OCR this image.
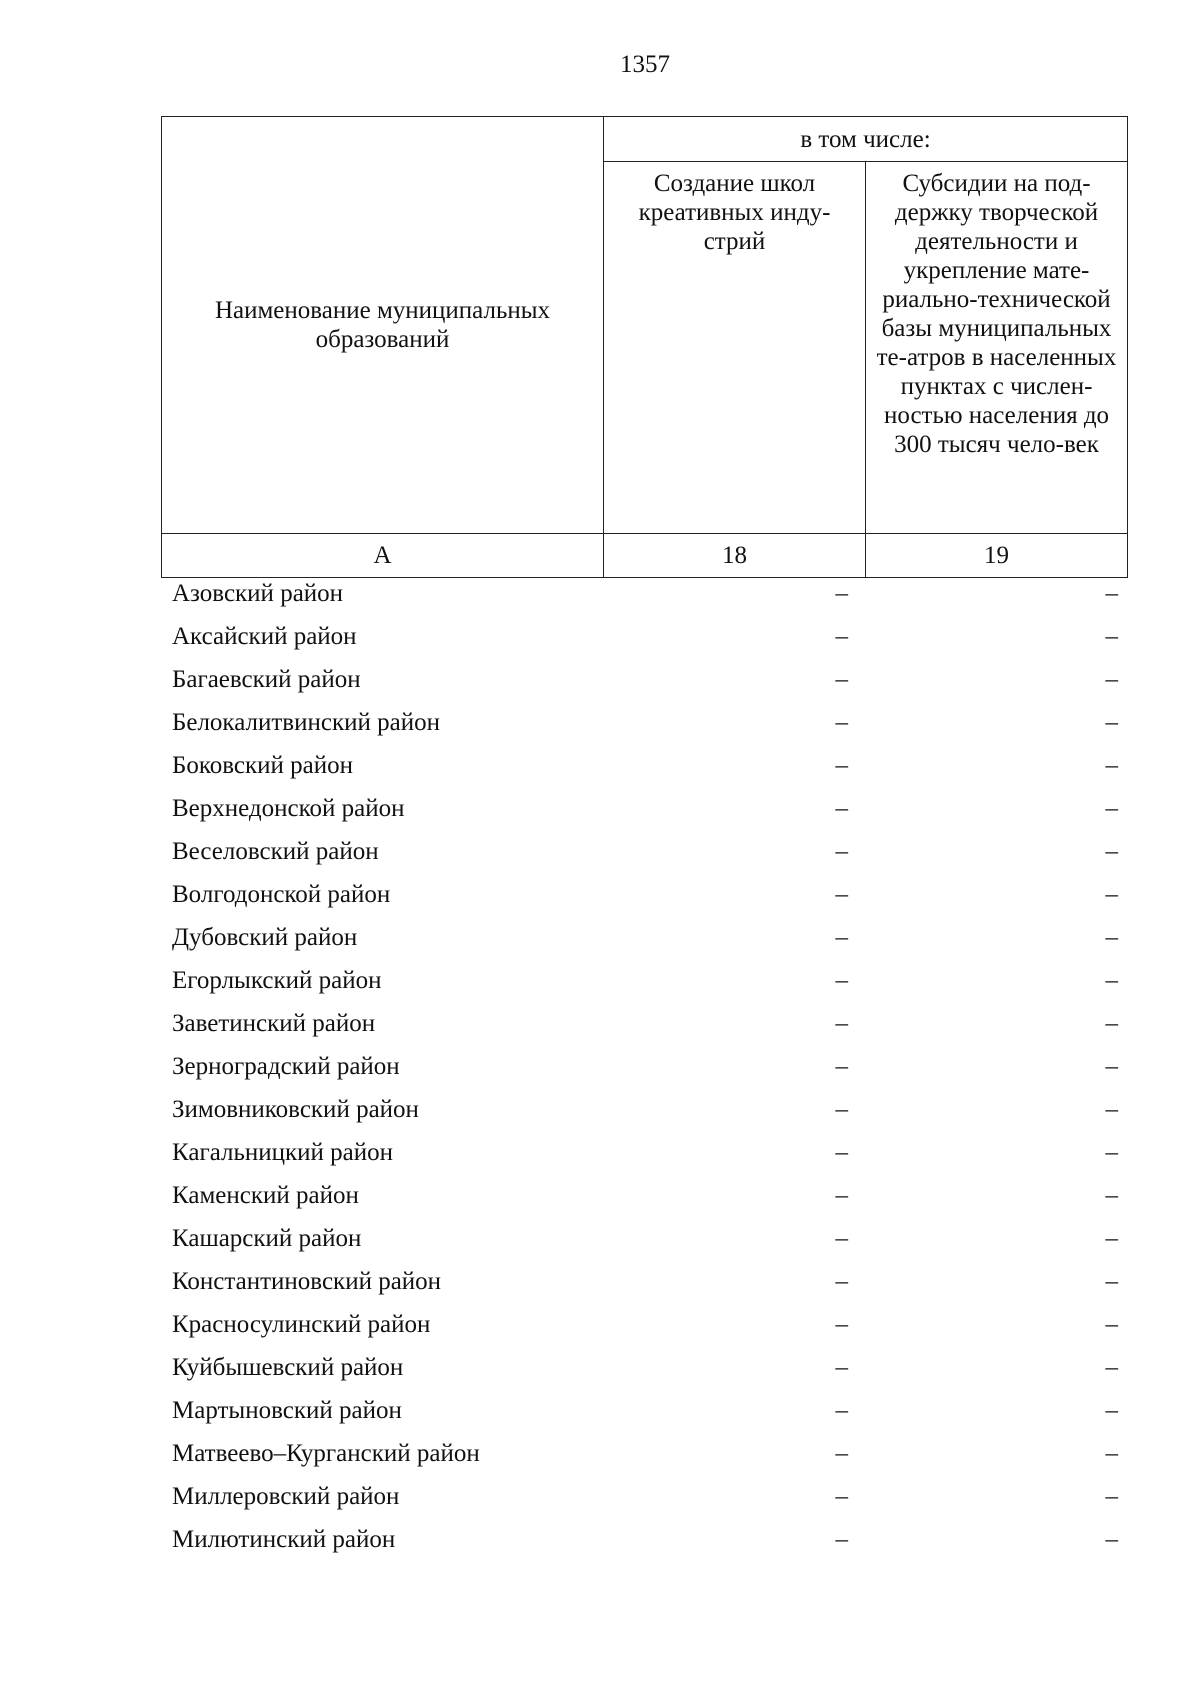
1357
Наименование муниципальных образований	в том числе:	

	Создание школ креативных инду-стрий	Субсидии на под-держку творческой деятельности и укрепление мате-риально-технической базы муниципальных те-атров в населенных пунктах с числен-ностью населения до 300 тысяч чело-век

А	18	19
Азовский район	–	–
Аксайский район	–	–
Багаевский район	–	–
Белокалитвинский район	–	–
Боковский район	–	–
Верхнедонской район	–	–
Веселовский район	–	–
Волгодонской район	–	–
Дубовский район	–	–
Егорлыкский район	–	–
Заветинский район	–	–
Зерноградский район	–	–
Зимовниковский район	–	–
Кагальницкий район	–	–
Каменский район	–	–
Кашарский район	–	–
Константиновский район	–	–
Красносулинский район	–	–
Куйбышевский район	–	–
Мартыновский район	–	–
Матвеево–Курганский район	–	–
Миллеровский район	–	–
Милютинский район	–	–
